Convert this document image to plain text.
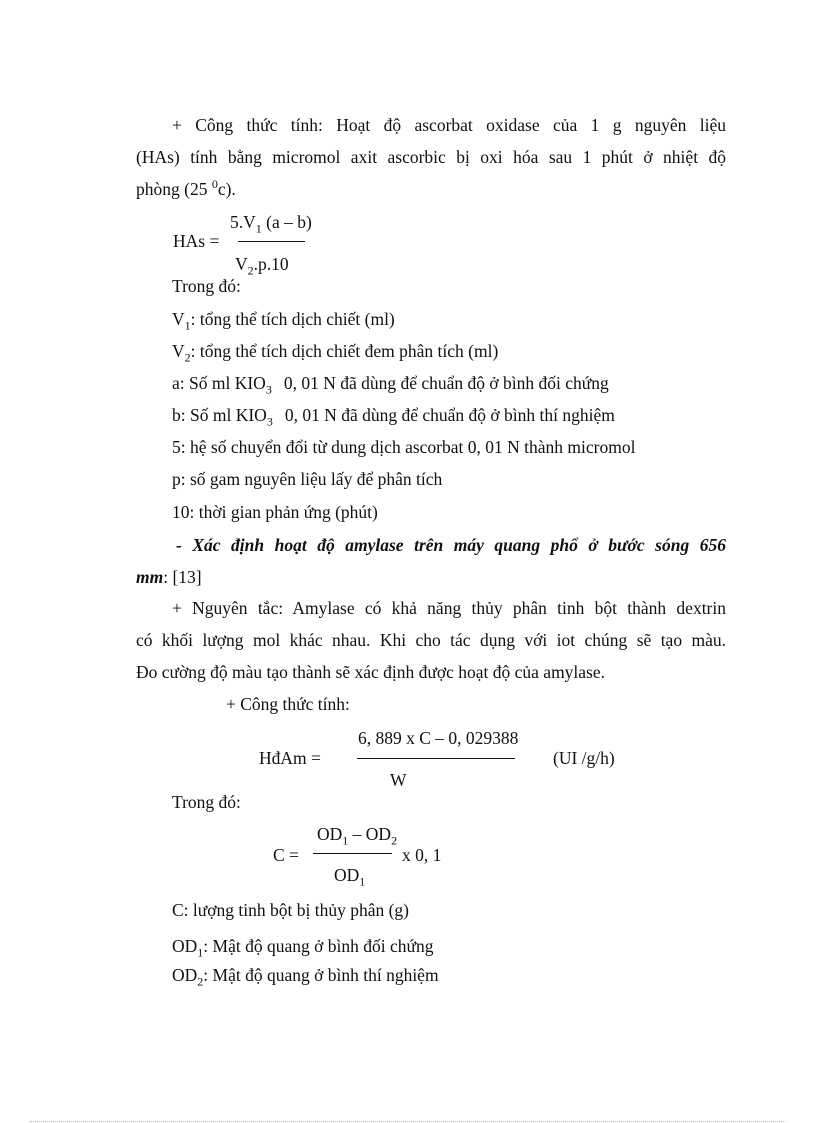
+ Công thức tính: Hoạt độ ascorbat oxidase của 1 g nguyên liệu
(HAs) tính bằng micromol axit ascorbic bị oxi hóa sau 1 phút ở nhiệt độ
phòng (25 $^0$c).
HAs =
$5.V_1$ (a – b)
$V_2.p.10$
Trong đó:
$V_1$: tổng thể tích dịch chiết (ml)
$V_2$: tổng thể tích dịch chiết đem phân tích (ml)
a: Số ml $KIO_3$ 0, 01 N đã dùng để chuẩn độ ở bình đối chứng
b: Số ml $KIO_3$ 0, 01 N đã dùng để chuẩn độ ở bình thí nghiệm
5: hệ số chuyển đổi từ dung dịch ascorbat 0, 01 N thành micromol
p: số gam nguyên liệu lấy để phân tích
10: thời gian phản ứng (phút)
- Xác định hoạt độ amylase trên máy quang phổ ở bước sóng 656
mm: [13]
+ Nguyên tắc: Amylase có khả năng thủy phân tinh bột thành dextrin
có khối lượng mol khác nhau. Khi cho tác dụng với iot chúng sẽ tạo màu.
Đo cường độ màu tạo thành sẽ xác định được hoạt độ của amylase.
+ Công thức tính:
HđAm =
6, 889 x C – 0, 029388
W
(UI /g/h)
Trong đó:
C =
$OD_1 - OD_2$
$OD_1$
x 0, 1
C: lượng tinh bột bị thủy phân (g)
$OD_1$: Mật độ quang ở bình đối chứng
$OD_2$: Mật độ quang ở bình thí nghiệm
